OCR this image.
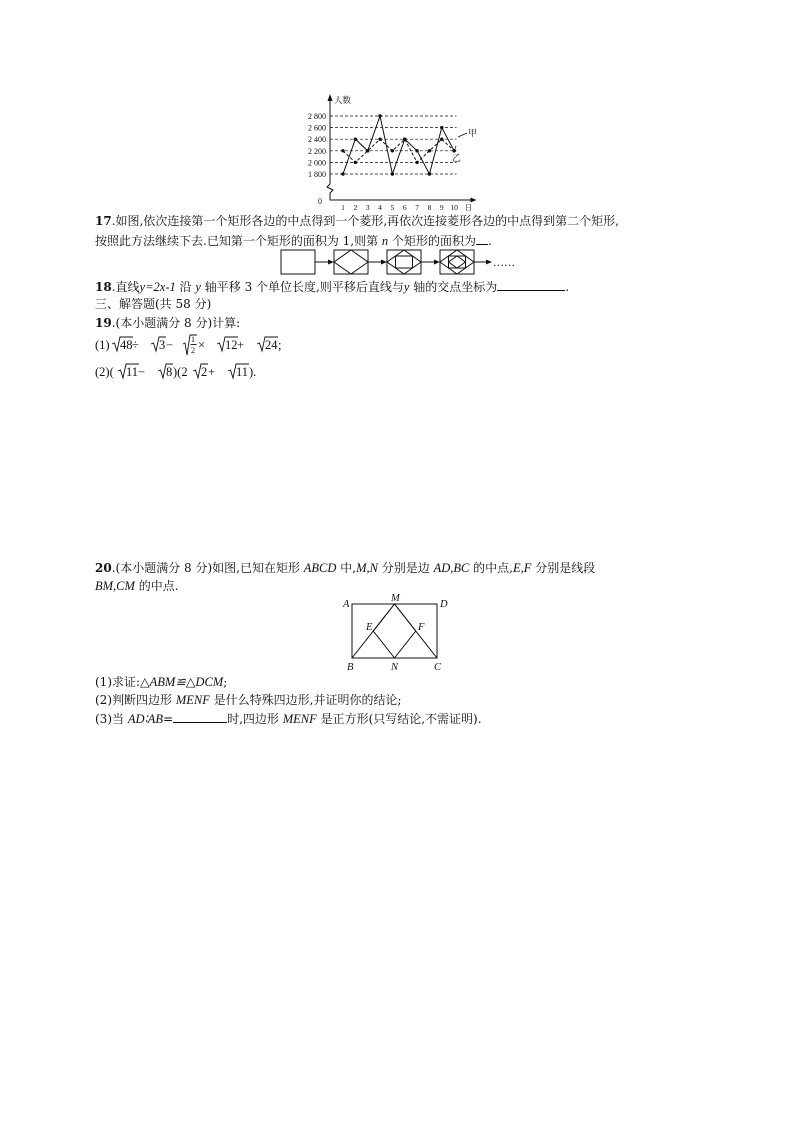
0
人数
2 800
2 600
2 400
2 200
2 000
1 800
1 2 3 4 5 6 7 8 9 10 日
甲
乙
17.如图,依次连接第一个矩形各边的中点得到一个菱形,再依次连接菱形各边的中点得到第二个矩形,
按照此方法继续下去.已知第一个矩形的面积为 1,则第 n 个矩形的面积为 .
……
18.直线y=2x-1 沿 y 轴平移 3 个单位长度,则平移后直线与y 轴的交点坐标为	.
三、解答题(共 58 分)
19.(本小题满分 8 分)计算:
(1) 48 ÷ 3 − 1
2 × 12 + 24 ;
(2)( 11 − 8 )(2 2 + 11 ).
20.(本小题满分 8 分)如图,已知在矩形 ABCD 中,M,N 分别是边 AD,BC 的中点,E,F 分别是线段
BM,CM 的中点.
A
M
D
E	F
B	N	C
(1)求证:△ABM≌△DCM;
(2)判断四边形 MENF 是什么特殊四边形,并证明你的结论;
(3)当 AD∶AB=	时,四边形 MENF 是正方形(只写结论,不需证明).
